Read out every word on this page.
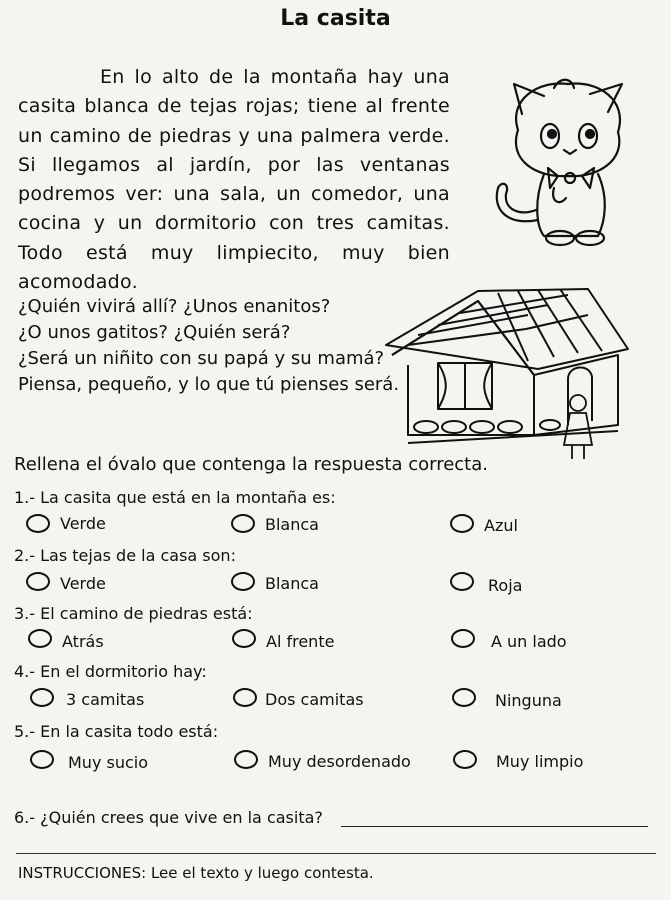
La casita

En lo alto de la montaña hay una casita blanca de tejas rojas; tiene al frente un camino de piedras y una palmera verde. Si llegamos al jardín, por las ventanas podremos ver: una sala, un comedor, una cocina y un dormitorio con tres camitas. Todo está muy limpiecito, muy bien acomodado.

¿Quién vivirá allí? ¿Unos enanitos?
¿O unos gatitos? ¿Quién será?
¿Será un niñito con su papá y su mamá?
Piensa, pequeño, y lo que tú pienses será.
Rellena el óvalo que contenga la respuesta correcta.
1.- La casita que está en la montaña es:
Verde	Blanca	Azul
2.- Las tejas de la casa son:
Verde	Blanca	Roja
3.- El camino de piedras está:
Atrás	Al frente	A un lado
4.- En el dormitorio hay:
3 camitas	Dos camitas	Ninguna
5.- En la casita todo está:
Muy sucio	Muy desordenado	Muy limpio
6.- ¿Quién crees que vive en la casita?
INSTRUCCIONES: Lee el texto y luego contesta.
